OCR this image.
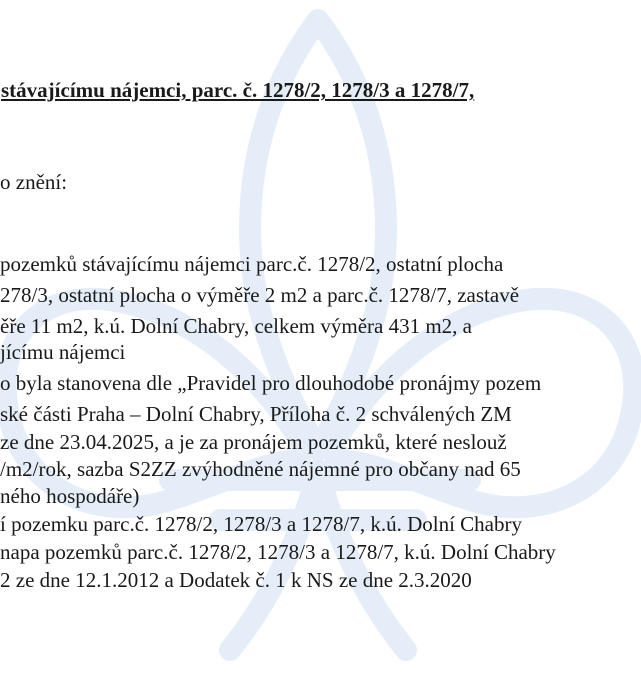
stávajícímu nájemci, parc. č. 1278/2, 1278/3 a 1278/7,
o znění:
pozemků stávajícímu nájemci parc.č. 1278/2, ostatní plocha
278/3, ostatní plocha o výměře 2 m2 a parc.č. 1278/7, zastavě
ěře 11 m2, k.ú. Dolní Chabry, celkem výměra 431 m2, a
jícímu nájemci
o byla stanovena dle „Pravidel pro dlouhodobé pronájmy pozem
ské části Praha – Dolní Chabry, Příloha č. 2 schválených ZM
ze dne 23.04.2025, a je za pronájem pozemků, které neslouž
/m2/rok, sazba S2ZZ zvýhodněné nájemné pro občany nad 65
ného hospodáře)
í pozemku parc.č. 1278/2, 1278/3 a 1278/7, k.ú. Dolní Chabry
napa pozemků parc.č. 1278/2, 1278/3 a 1278/7, k.ú. Dolní Chabry
2 ze dne 12.1.2012 a Dodatek č. 1 k NS ze dne 2.3.2020
